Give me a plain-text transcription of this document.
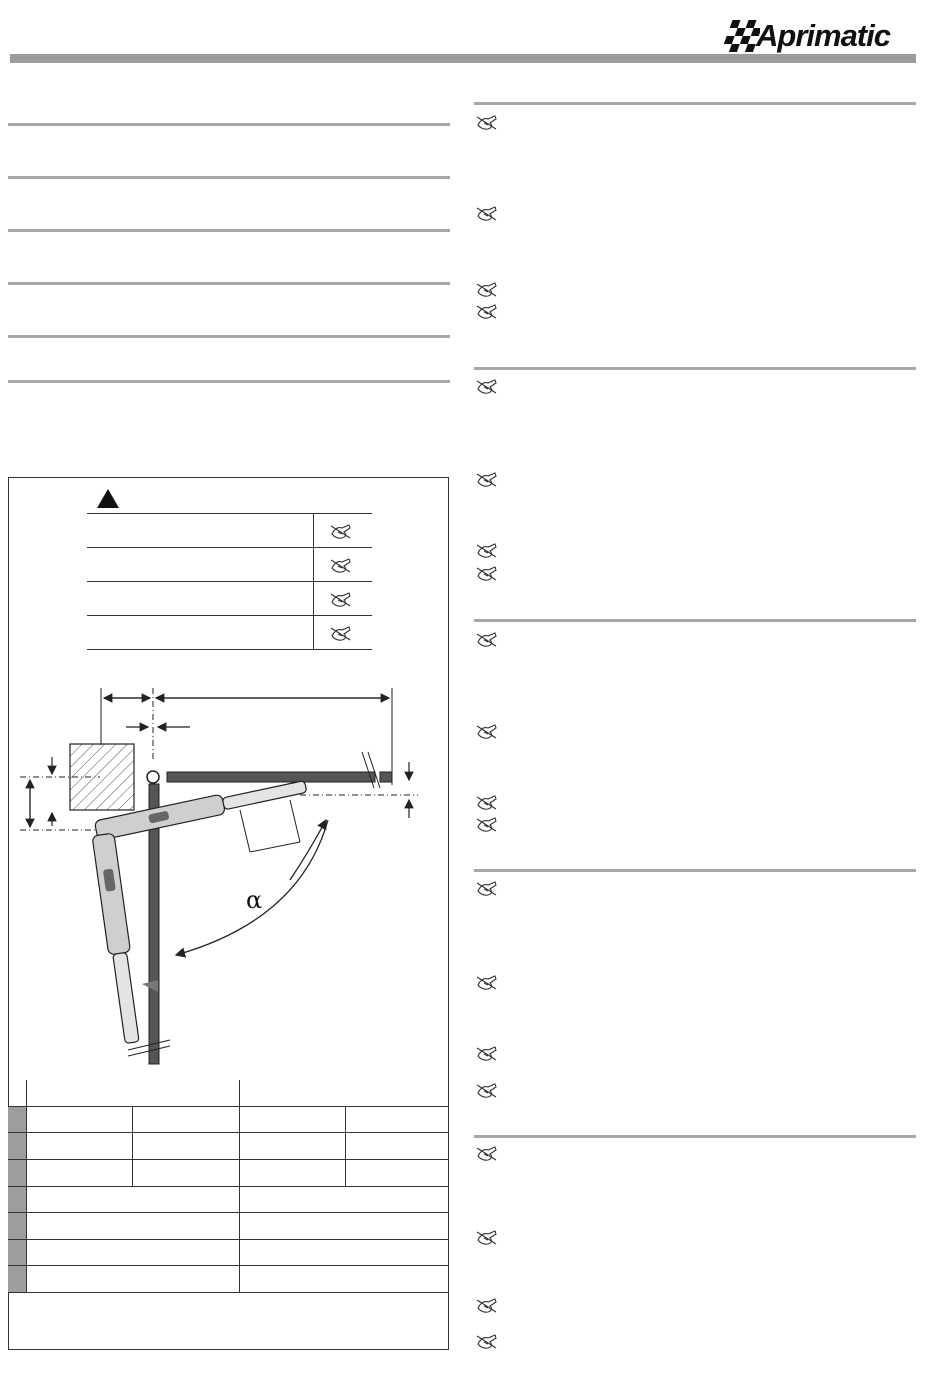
Aprimatic
α
